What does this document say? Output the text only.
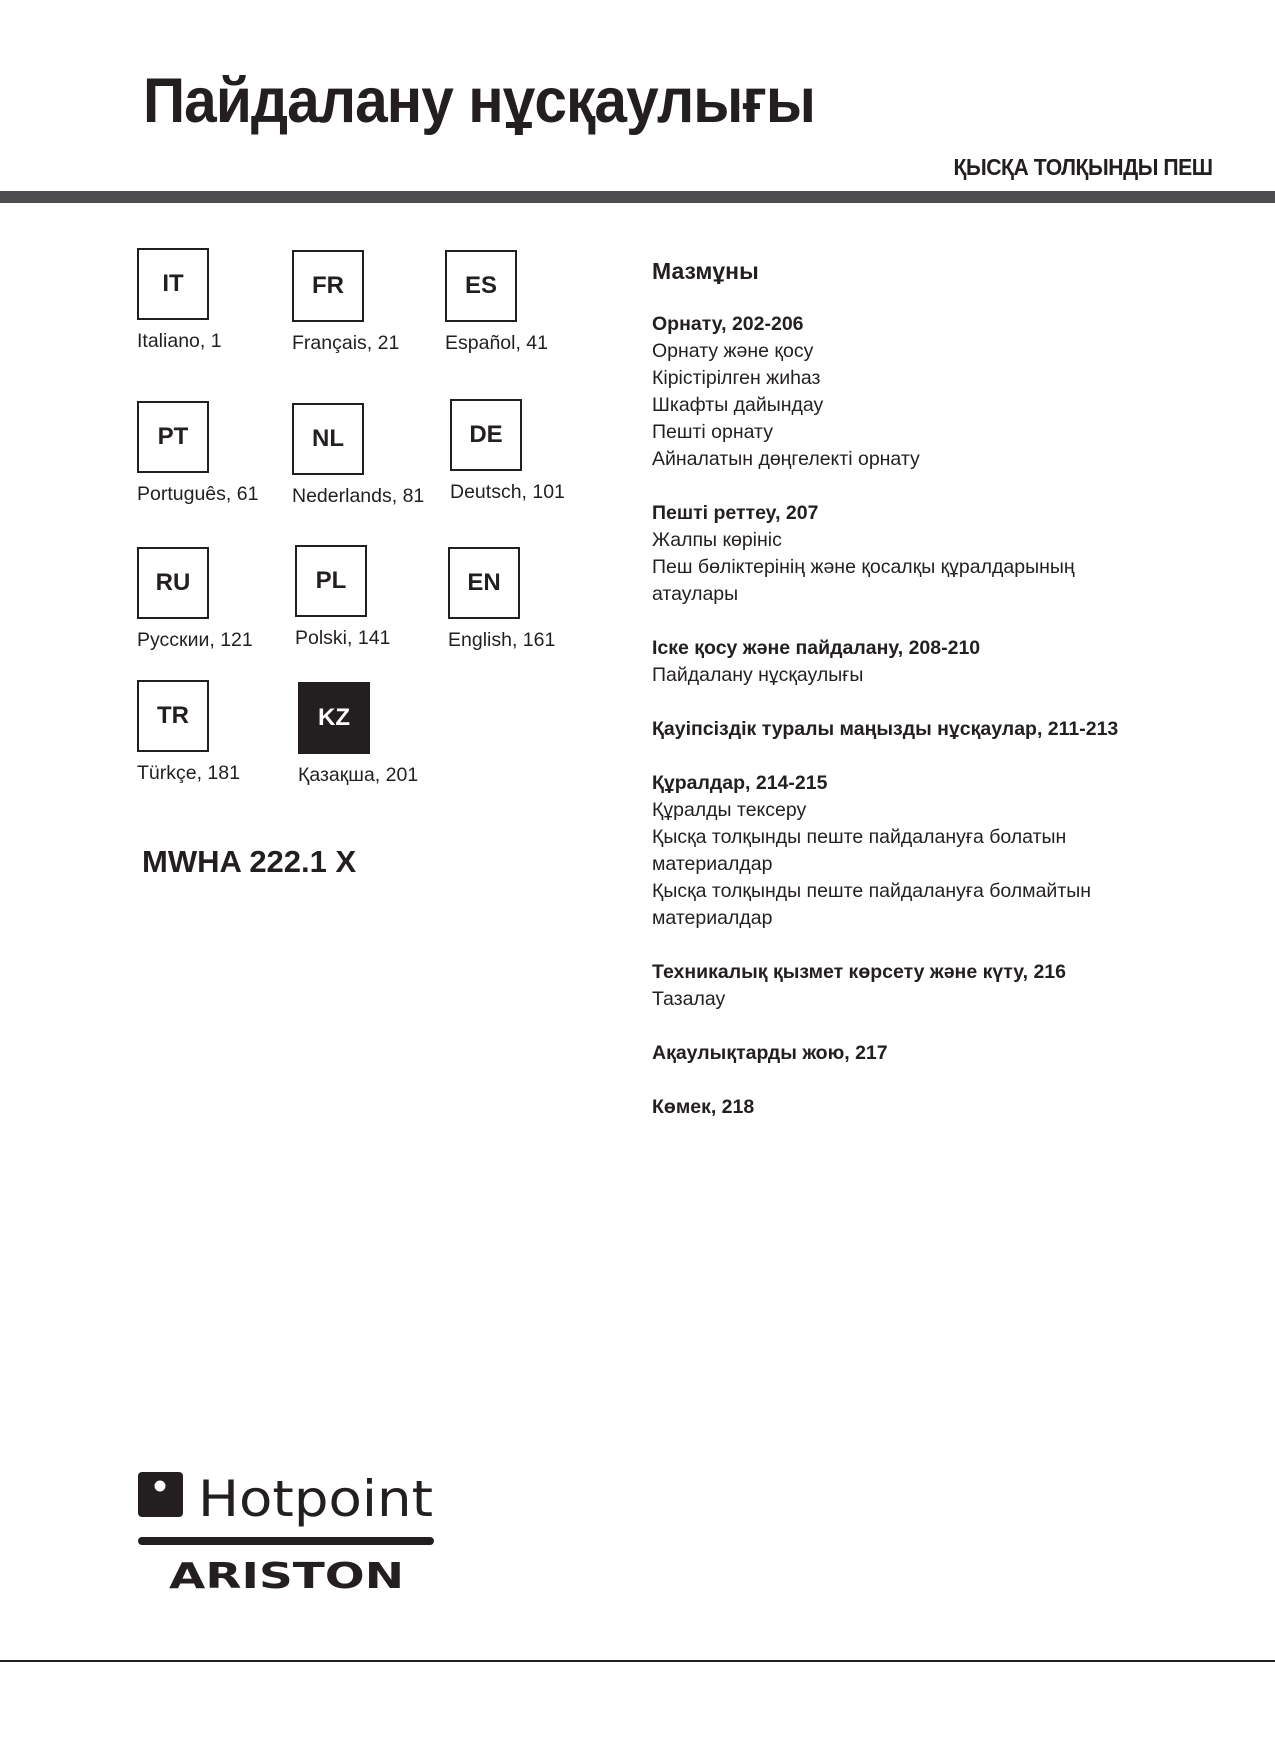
Пайдалану нұсқаулығы
ҚЫСҚА ТОЛҚЫНДЫ ПЕШ
IT
Italiano, 1
FR
Français, 21
ES
Español, 41
PT
Português, 61
NL
Nederlands, 81
DE
Deutsch, 101
RU
Русскии, 121
PL
Polski, 141
EN
English, 161
TR
Türkçe, 181
KZ
Қазақша, 201
MWHA 222.1 X
Мазмұны
Орнату, 202-206
Орнату және қосу
Кірістірілген жиһаз
Шкафты дайындау
Пешті орнату
Айналатын дөңгелекті орнату
Пешті реттеу, 207
Жалпы көрініс
Пеш бөліктерінің және қосалқы құралдарының
атаулары
Іске қосу және пайдалану, 208-210
Пайдалану нұсқаулығы
Қауіпсіздік туралы маңызды нұсқаулар, 211-213
Құралдар, 214-215
Құралды тексеру
Қысқа толқынды пеште пайдалануға болатын
материалдар
Қысқа толқынды пеште пайдалануға болмайтын
материалдар
Техникалық қызмет көрсету және күту, 216
Тазалау
Ақаулықтарды жою, 217
Көмек, 218
Hotpoint
ARISTON
